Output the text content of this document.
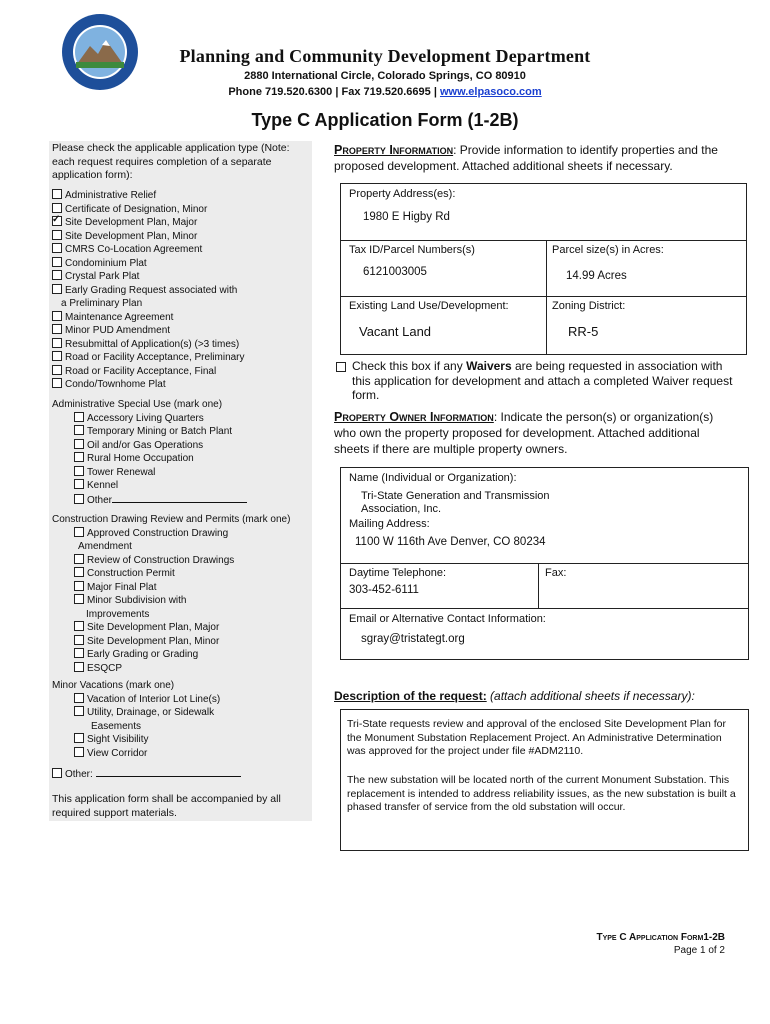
Planning and Community Development Department
2880 International Circle, Colorado Springs, CO 80910
Phone 719.520.6300 | Fax 719.520.6695 | www.elpasoco.com
Type C Application Form (1-2B)
Please check the applicable application type (Note: each request requires completion of a separate application form):
Administrative Relief
Certificate of Designation, Minor
✓Site Development Plan, Major
Site Development Plan, Minor
CMRS Co-Location Agreement
Condominium Plat
Crystal Park Plat
Early Grading Request associated with
a Preliminary Plan
Maintenance Agreement
Minor PUD Amendment
Resubmittal of Application(s) (>3 times)
Road or Facility Acceptance, Preliminary
Road or Facility Acceptance, Final
Condo/Townhome Plat
Administrative Special Use (mark one)
Accessory Living Quarters
Temporary Mining or Batch Plant
Oil and/or Gas Operations
Rural Home Occupation
Tower Renewal
Kennel
Other
Construction Drawing Review and Permits (mark one)
Approved Construction Drawing
Amendment
Review of Construction Drawings
Construction Permit
Major Final Plat
Minor Subdivision with
Improvements
Site Development Plan, Major
Site Development Plan, Minor
Early Grading or Grading
ESQCP
Minor Vacations (mark one)
Vacation of Interior Lot Line(s)
Utility, Drainage, or Sidewalk
Easements
Sight Visibility
View Corridor
Other:
This application form shall be accompanied by all required support materials.
Property Information: Provide information to identify properties and the proposed development. Attached additional sheets if necessary.
Property Address(es):
1980 E Higby Rd
Tax ID/Parcel Numbers(s)
6121003005
Parcel size(s) in Acres:
14.99 Acres
Existing Land Use/Development:
Vacant Land
Zoning District:
RR-5
Check this box if any Waivers are being requested in association with this application for development and attach a completed Waiver request form.
Property Owner Information: Indicate the person(s) or organization(s) who own the property proposed for development. Attached additional sheets if there are multiple property owners.
Name (Individual or Organization):
Tri-State Generation and Transmission Association, Inc.
Mailing Address:
1100 W 116th Ave Denver, CO 80234
Daytime Telephone:
303-452-6111
Fax:
Email or Alternative Contact Information:
sgray@tristategt.org
Description of the request: (attach additional sheets if necessary):
Tri-State requests review and approval of the enclosed Site Development Plan for the Monument Substation Replacement Project. An Administrative Determination was approved for the project under file #ADM2110.
The new substation will be located north of the current Monument Substation. This replacement is intended to address reliability issues, as the new substation is built a phased transfer of service from the old substation will occur.
Type C Application Form1-2B
Page 1 of 2
